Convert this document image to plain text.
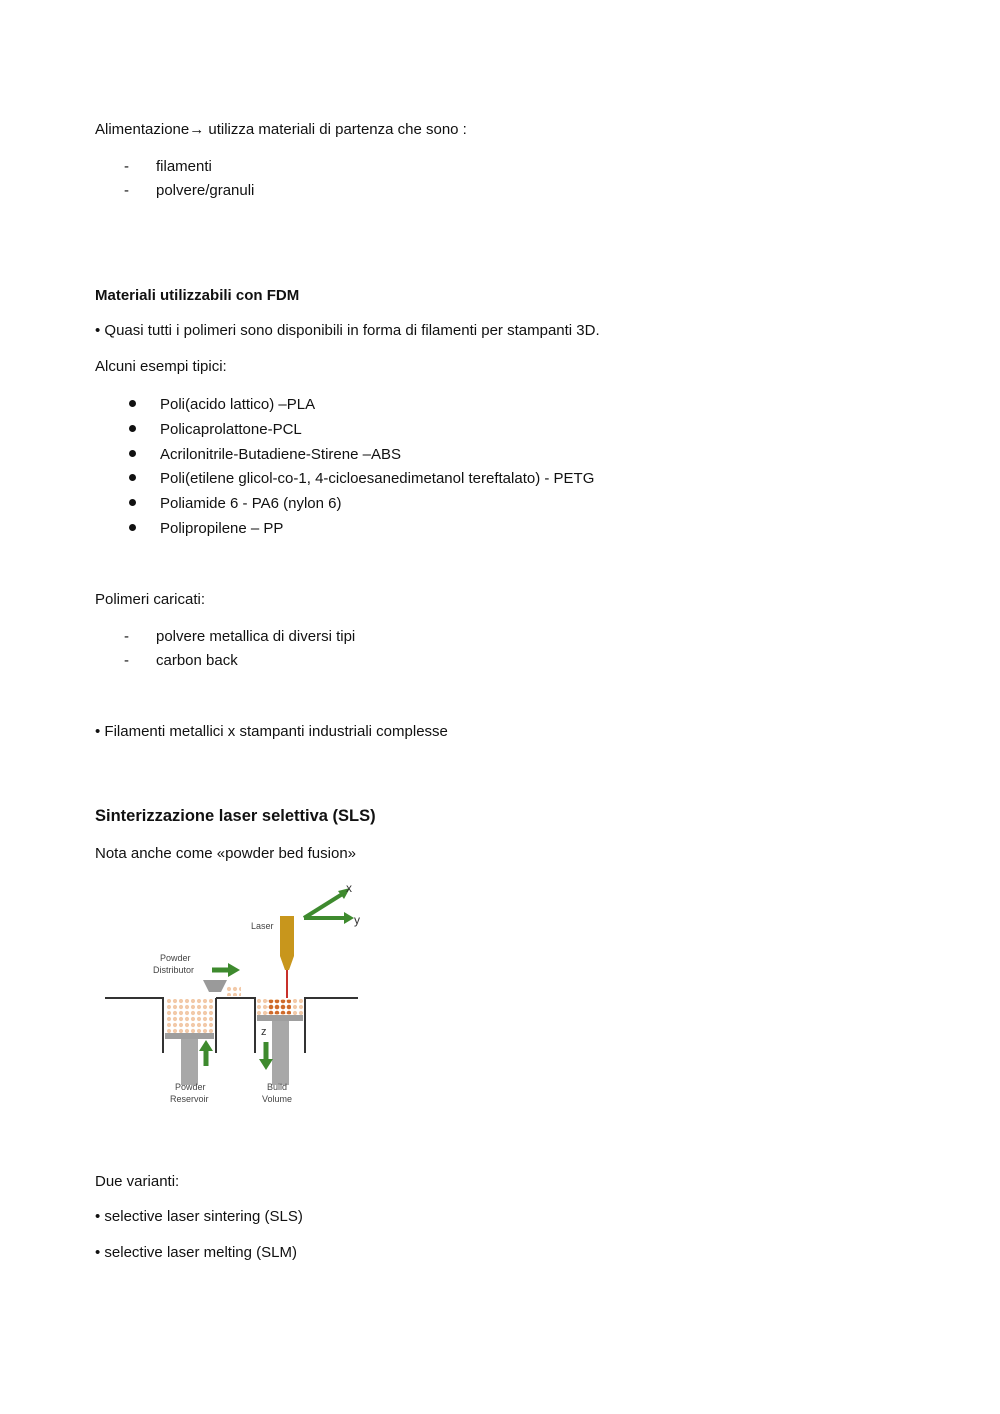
Alimentazione→ utilizza materiali di partenza che sono :
- filamenti
- polvere/granuli
Materiali utilizzabili con FDM
• Quasi tutti i polimeri sono disponibili in forma di filamenti per stampanti 3D.
Alcuni esempi tipici:
Poli(acido lattico) –PLA
Policaprolattone-PCL
Acrilonitrile-Butadiene-Stirene –ABS
Poli(etilene glicol-co-1, 4-cicloesanedimetanol tereftalato) - PETG
Poliamide 6 - PA6 (nylon 6)
Polipropilene – PP
Polimeri caricati:
- polvere metallica di diversi tipi
- carbon back
• Filamenti metallici x stampanti industriali complesse
Sinterizzazione laser selettiva (SLS)
Nota anche come «powder bed fusion»
x
y
Laser
Powder
Distributor
Powder
Reservoir
z
Build
Volume
Due varianti:
• selective laser sintering (SLS)
• selective laser melting (SLM)
